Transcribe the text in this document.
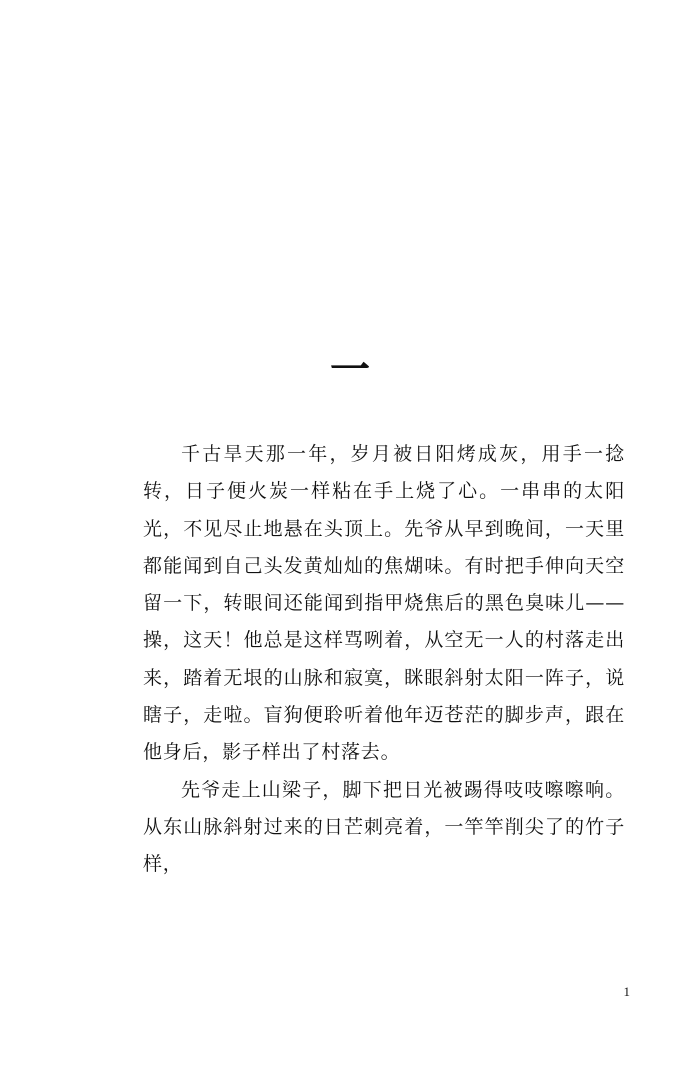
一

千古旱天那一年，岁月被日阳烤成灰，用手一捻转，日子便火炭一样粘在手上烧了心。一串串的太阳光，不见尽止地悬在头顶上。先爷从早到晚间，一天里都能闻到自己头发黄灿灿的焦煳味。有时把手伸向天空留一下，转眼间还能闻到指甲烧焦后的黑色臭味儿——操，这天！他总是这样骂咧着，从空无一人的村落走出来，踏着无垠的山脉和寂寞，眯眼斜射太阳一阵子，说瞎子，走啦。盲狗便聆听着他年迈苍茫的脚步声，跟在他身后，影子样出了村落去。

先爷走上山梁子，脚下把日光被踢得吱吱嚓嚓响。从东山脉斜射过来的日芒刺亮着，一竿竿削尖了的竹子样，

1
